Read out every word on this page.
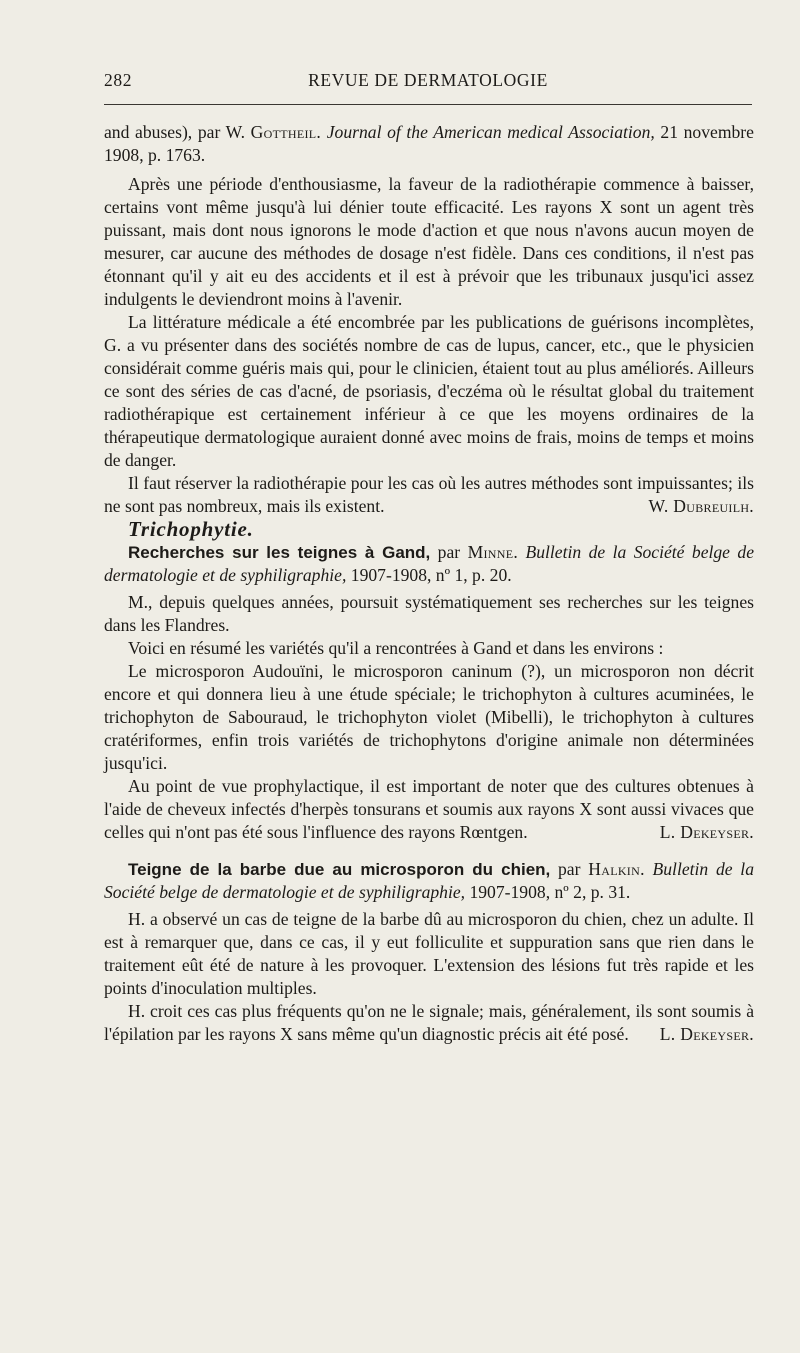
282	REVUE DE DERMATOLOGIE

and abuses), par W. Gottheil. Journal of the American medical Association, 21 novembre 1908, p. 1763.

Après une période d'enthousiasme, la faveur de la radiothérapie commence à baisser, certains vont même jusqu'à lui dénier toute efficacité. Les rayons X sont un agent très puissant, mais dont nous ignorons le mode d'action et que nous n'avons aucun moyen de mesurer, car aucune des méthodes de dosage n'est fidèle. Dans ces conditions, il n'est pas étonnant qu'il y ait eu des accidents et il est à prévoir que les tribunaux jusqu'ici assez indulgents le deviendront moins à l'avenir.

La littérature médicale a été encombrée par les publications de guérisons incomplètes, G. a vu présenter dans des sociétés nombre de cas de lupus, cancer, etc., que le physicien considérait comme guéris mais qui, pour le clinicien, étaient tout au plus améliorés. Ailleurs ce sont des séries de cas d'acné, de psoriasis, d'eczéma où le résultat global du traitement radiothérapique est certainement inférieur à ce que les moyens ordinaires de la thérapeutique dermatologique auraient donné avec moins de frais, moins de temps et moins de danger.

Il faut réserver la radiothérapie pour les cas où les autres méthodes sont impuissantes; ils ne sont pas nombreux, mais ils existent.	W. Dubreuilh.

Trichophytie.

Recherches sur les teignes à Gand, par Minne. Bulletin de la Société belge de dermatologie et de syphiligraphie, 1907-1908, nº 1, p. 20.

M., depuis quelques années, poursuit systématiquement ses recherches sur les teignes dans les Flandres.

Voici en résumé les variétés qu'il a rencontrées à Gand et dans les environs :

Le microsporon Audouïni, le microsporon caninum (?), un microsporon non décrit encore et qui donnera lieu à une étude spéciale; le trichophyton à cultures acuminées, le trichophyton de Sabouraud, le trichophyton violet (Mibelli), le trichophyton à cultures cratériformes, enfin trois variétés de trichophytons d'origine animale non déterminées jusqu'ici.

Au point de vue prophylactique, il est important de noter que des cultures obtenues à l'aide de cheveux infectés d'herpès tonsurans et soumis aux rayons X sont aussi vivaces que celles qui n'ont pas été sous l'influence des rayons Rœntgen.	L. Dekeyser.

Teigne de la barbe due au microsporon du chien, par Halkin. Bulletin de la Société belge de dermatologie et de syphiligraphie, 1907-1908, nº 2, p. 31.

H. a observé un cas de teigne de la barbe dû au microsporon du chien, chez un adulte. Il est à remarquer que, dans ce cas, il y eut folliculite et suppuration sans que rien dans le traitement eût été de nature à les provoquer. L'extension des lésions fut très rapide et les points d'inoculation multiples.

H. croit ces cas plus fréquents qu'on ne le signale; mais, généralement, ils sont soumis à l'épilation par les rayons X sans même qu'un diagnostic précis ait été posé.	L. Dekeyser.
